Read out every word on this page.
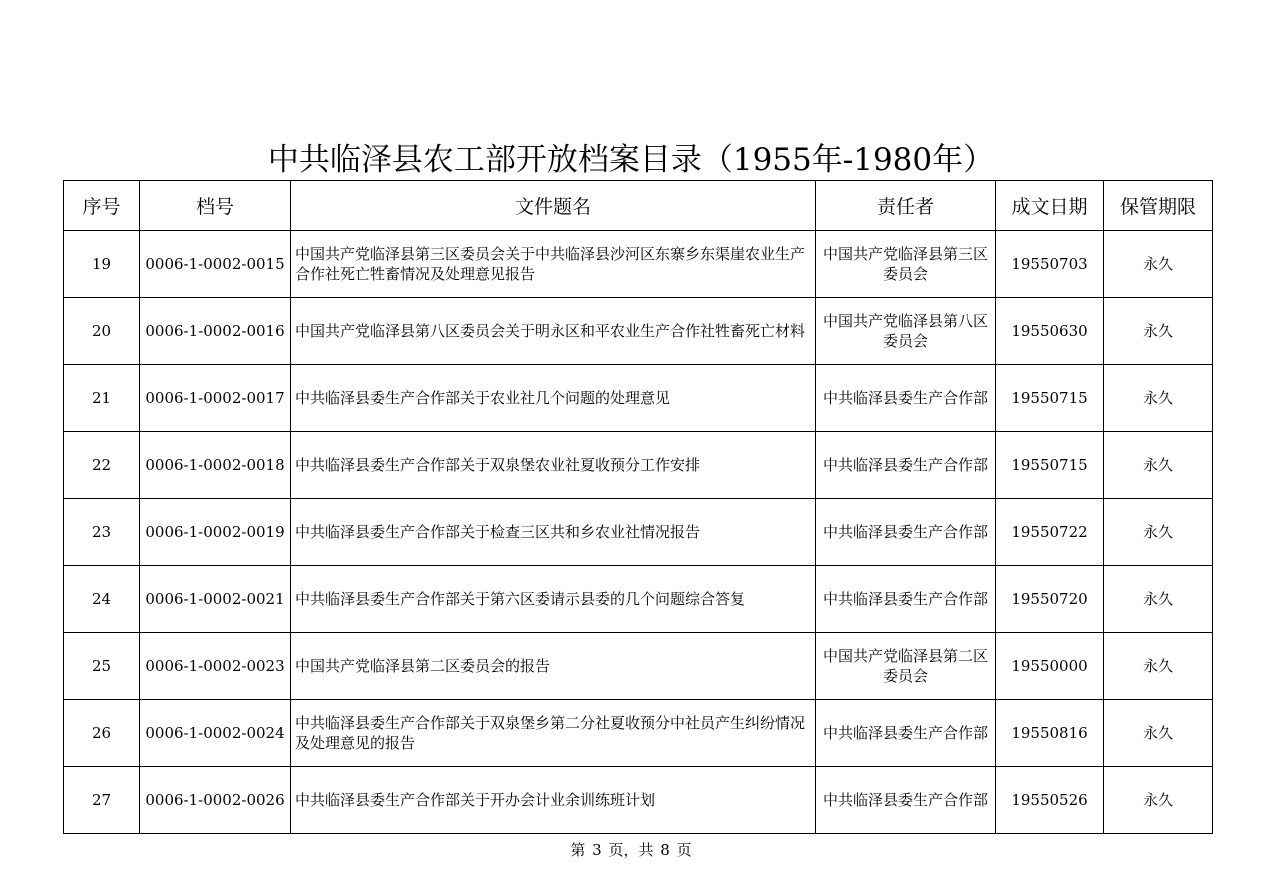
中共临泽县农工部开放档案目录（1955年-1980年）
序号	档号	文件题名	责任者	成文日期	保管期限
19	0006-1-0002-0015	中国共产党临泽县第三区委员会关于中共临泽县沙河区东寨乡东渠崖农业生产合作社死亡牲畜情况及处理意见报告	中国共产党临泽县第三区委员会	19550703	永久
20	0006-1-0002-0016	中国共产党临泽县第八区委员会关于明永区和平农业生产合作社牲畜死亡材料	中国共产党临泽县第八区委员会	19550630	永久
21	0006-1-0002-0017	中共临泽县委生产合作部关于农业社几个问题的处理意见	中共临泽县委生产合作部	19550715	永久
22	0006-1-0002-0018	中共临泽县委生产合作部关于双泉堡农业社夏收预分工作安排	中共临泽县委生产合作部	19550715	永久
23	0006-1-0002-0019	中共临泽县委生产合作部关于检查三区共和乡农业社情况报告	中共临泽县委生产合作部	19550722	永久
24	0006-1-0002-0021	中共临泽县委生产合作部关于第六区委请示县委的几个问题综合答复	中共临泽县委生产合作部	19550720	永久
25	0006-1-0002-0023	中国共产党临泽县第二区委员会的报告	中国共产党临泽县第二区委员会	19550000	永久
26	0006-1-0002-0024	中共临泽县委生产合作部关于双泉堡乡第二分社夏收预分中社员产生纠纷情况及处理意见的报告	中共临泽县委生产合作部	19550816	永久
27	0006-1-0002-0026	中共临泽县委生产合作部关于开办会计业余训练班计划	中共临泽县委生产合作部	19550526	永久
第 3 页，共 8 页
